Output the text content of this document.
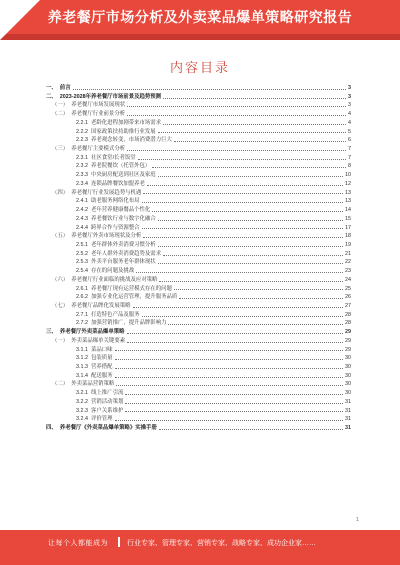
养老餐厅市场分析及外卖菜品爆单策略研究报告
内容目录
一、 前言	3
二、 2023-2028年养老餐厅市场前景及趋势预测	3
（一） 养老餐厅市场发展现状	3
（二） 养老餐厅行业前景分析	4
2.2.1 老龄化进程加剧带来市场需求	4
2.2.2 国家政策扶持助推行业发展	5
2.2.3 养老观念转变，市场消费潜力巨大	6
（三） 养老餐厅主要模式分析	7
2.3.1 社区食堂/长者饭堂	7
2.3.2 养老院餐饮（托管外包）	8
2.3.3 中央厨房配送到社区及家庭	10
2.3.4 连锁品牌餐饮加盟养老	12
（四） 养老餐厅行业发展趋势与机遇	13
2.4.1 助老服务网络化布局	13
2.4.2 老年营养健康餐品个性化	14
2.4.3 养老餐饮行业与数字化融合	15
2.4.4 跨界合作与资源整合	17
（五） 养老餐厅外卖市场现状及分析	18
2.5.1 老年群体外卖消费习惯分析	19
2.5.2 老年人群外卖消费趋势及需求	21
2.5.3 外卖平台服务老年群体现状	22
2.5.4 存在的问题及挑战	23
（六） 养老餐厅行业面临的挑战及应对策略	24
2.6.1 养老餐厅现有运营模式存在的问题	25
2.6.2 加强专业化运营管理，提升服务品质	26
（七） 养老餐厅品牌化发展策略	27
2.7.1 打造特色产品及服务	28
2.7.2 加强营销推广，提升品牌影响力	28
三、 养老餐厅外卖菜品爆单策略	29
（一） 外卖菜品爆单关键要素	29
3.1.1 菜品口味	29
3.1.2 包装质量	30
3.1.3 营养搭配	30
3.1.4 配送服务	30
（二） 外卖菜品营销策略	30
3.2.1 线上推广引流	30
3.2.2 营销活动策划	31
3.2.3 客户关系维护	31
3.2.4 评价管理	31
四、 养老餐厅《外卖菜品爆单策略》实操手册	31
1
让每个人都能成为	行业专家、管理专家、营销专家、战略专家、成功企业家……
